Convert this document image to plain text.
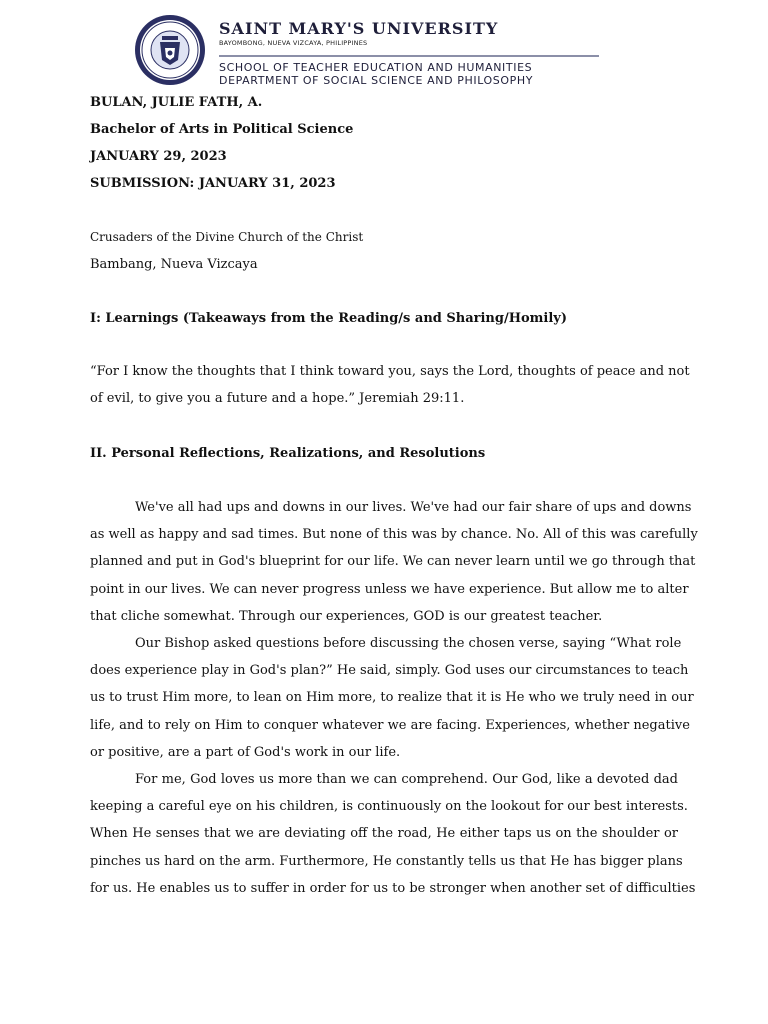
SAINT MARY'S UNIVERSITY
BAYOMBONG, NUEVA VIZCAYA, PHILIPPINES
SCHOOL OF TEACHER EDUCATION AND HUMANITIES
DEPARTMENT OF SOCIAL SCIENCE AND PHILOSOPHY
BULAN, JULIE FATH, A.
Bachelor of Arts in Political Science
JANUARY 29, 2023
SUBMISSION: JANUARY 31, 2023
Crusaders of the Divine Church of the Christ
Bambang, Nueva Vizcaya
I: Learnings (Takeaways from the Reading/s and Sharing/Homily)
“For I know the thoughts that I think toward you, says the Lord, thoughts of peace and not
of evil, to give you a future and a hope.” Jeremiah 29:11.
II. Personal Reflections, Realizations, and Resolutions
We've all had ups and downs in our lives. We've had our fair share of ups and downs
as well as happy and sad times. But none of this was by chance. No. All of this was carefully
planned and put in God's blueprint for our life. We can never learn until we go through that
point in our lives. We can never progress unless we have experience. But allow me to alter
that cliche somewhat. Through our experiences, GOD is our greatest teacher.
Our Bishop asked questions before discussing the chosen verse, saying “What role
does experience play in God's plan?” He said, simply. God uses our circumstances to teach
us to trust Him more, to lean on Him more, to realize that it is He who we truly need in our
life, and to rely on Him to conquer whatever we are facing. Experiences, whether negative
or positive, are a part of God's work in our life.
For me, God loves us more than we can comprehend. Our God, like a devoted dad
keeping a careful eye on his children, is continuously on the lookout for our best interests.
When He senses that we are deviating off the road, He either taps us on the shoulder or
pinches us hard on the arm. Furthermore, He constantly tells us that He has bigger plans
for us. He enables us to suffer in order for us to be stronger when another set of difficulties
